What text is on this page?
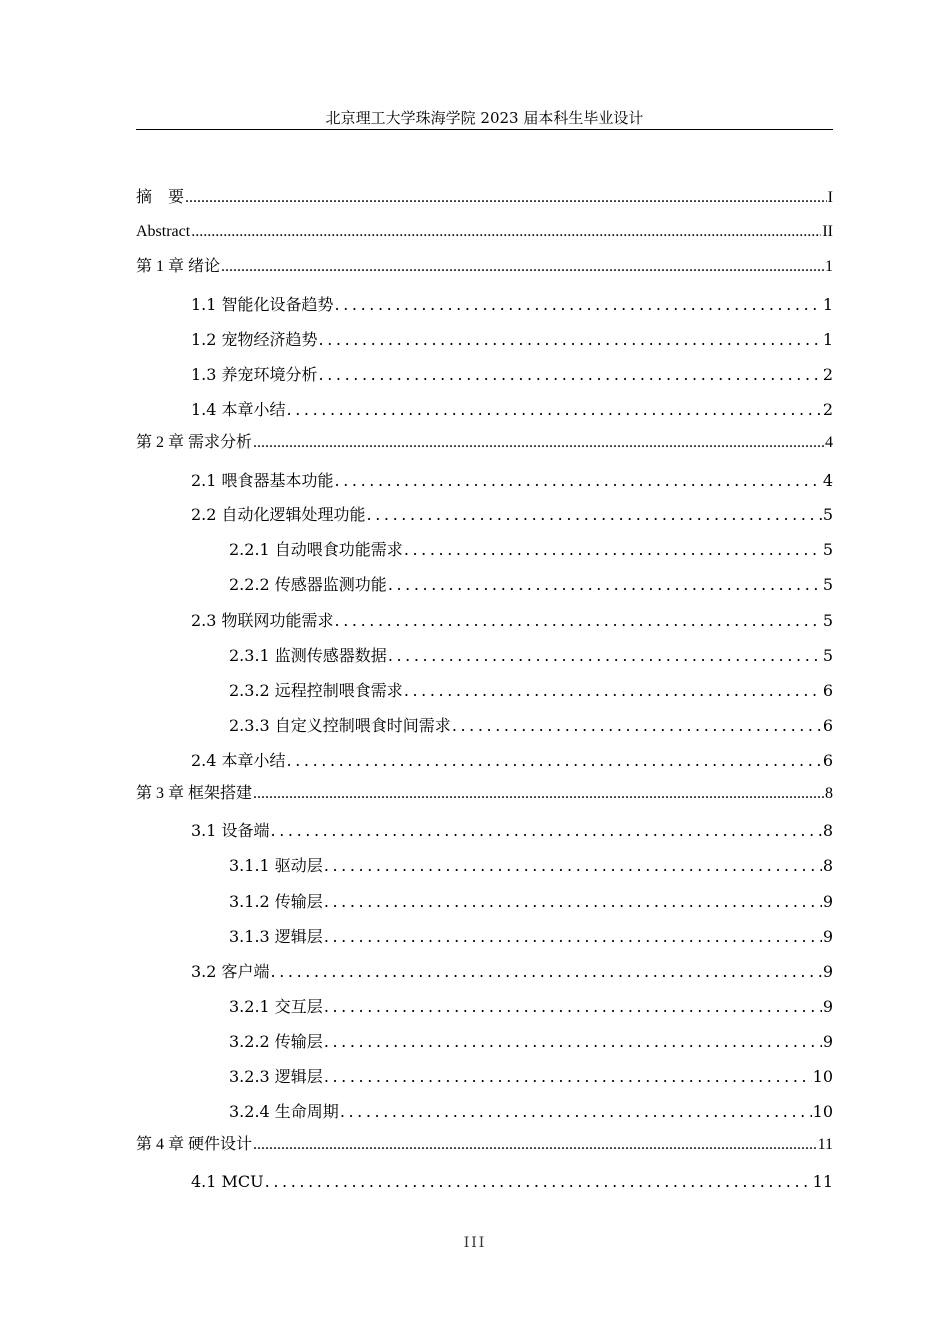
北京理工大学珠海学院 2023 届本科生毕业设计
摘　要 .....	I
Abstract .....	II
第 1 章 绪论 .....	1
1.1 智能化设备趋势 .....	1
1.2 宠物经济趋势 .....	1
1.3 养宠环境分析 .....	2
1.4 本章小结 .....	2
第 2 章 需求分析 .....	4
2.1 喂食器基本功能 .....	4
2.2 自动化逻辑处理功能 .....	5
2.2.1 自动喂食功能需求 .....	5
2.2.2 传感器监测功能 .....	5
2.3 物联网功能需求 .....	5
2.3.1 监测传感器数据 .....	5
2.3.2 远程控制喂食需求 .....	6
2.3.3 自定义控制喂食时间需求 .....	6
2.4 本章小结 .....	6
第 3 章 框架搭建 .....	8
3.1 设备端 .....	8
3.1.1 驱动层 .....	8
3.1.2 传输层 .....	9
3.1.3 逻辑层 .....	9
3.2 客户端 .....	9
3.2.1 交互层 .....	9
3.2.2 传输层 .....	9
3.2.3 逻辑层 .....	10
3.2.4 生命周期 .....	10
第 4 章 硬件设计 .....	11
4.1 MCU .....	11
III
